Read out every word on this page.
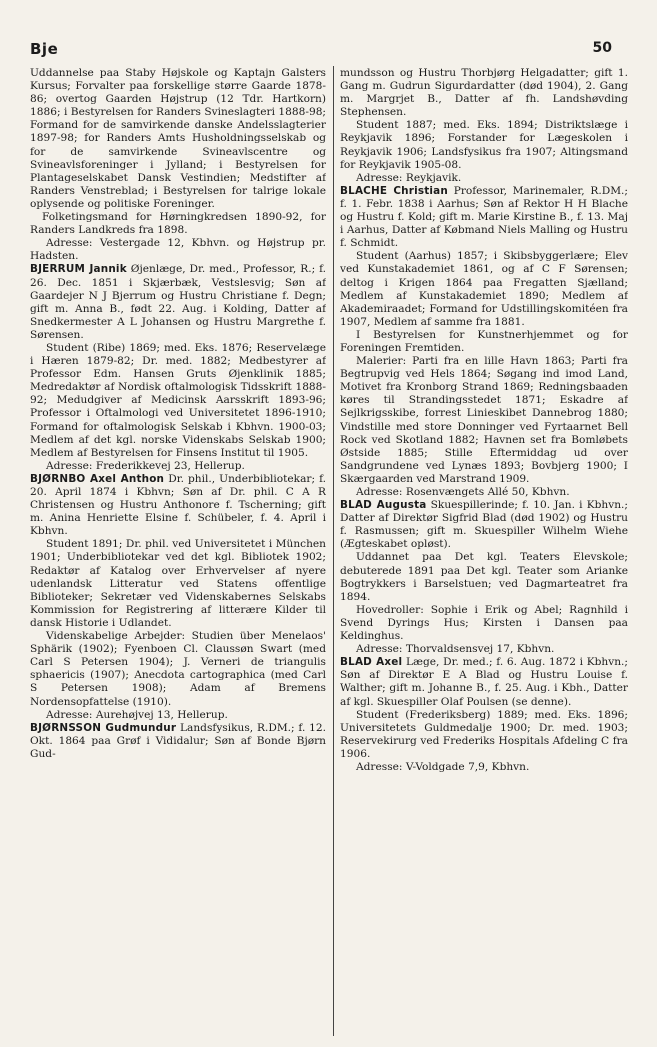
Bje	50

Uddannelse paa Staby Højskole og Kaptajn Galsters Kursus; Forvalter paa forskellige større Gaarde 1878-86; overtog Gaarden Højstrup (12 Tdr. Hartkorn) 1886; i Bestyrelsen for Randers Svineslagteri 1888-98; Formand for de samvirkende danske Andelsslagterier 1897-98; for Randers Amts Husholdningsselskab og for de samvirkende Svineavlscentre og Svineavlsforeninger i Jylland; i Bestyrelsen for Plantageselskabet Dansk Vestindien; Medstifter af Randers Venstreblad; i Bestyrelsen for talrige lokale oplysende og politiske Foreninger.

Folketingsmand for Hørningkredsen 1890-92, for Randers Landkreds fra 1898.

Adresse: Vestergade 12, Kbhvn. og Højstrup pr. Hadsten.

BJERRUM Jannik Øjenlæge, Dr. med., Professor, R.; f. 26. Dec. 1851 i Skjærbæk, Vestslesvig; Søn af Gaardejer N J Bjerrum og Hustru Christiane f. Degn; gift m. Anna B., født 22. Aug. i Kolding, Datter af Snedkermester A L Johansen og Hustru Margrethe f. Sørensen.

Student (Ribe) 1869; med. Eks. 1876; Reservelæge i Hæren 1879-82; Dr. med. 1882; Medbestyrer af Professor Edm. Hansen Gruts Øjenklinik 1885; Medredaktør af Nordisk oftalmologisk Tidsskrift 1888-92; Medudgiver af Medicinsk Aarsskrift 1893-96; Professor i Oftalmologi ved Universitetet 1896-1910; Formand for oftalmologisk Selskab i Kbhvn. 1900-03; Medlem af det kgl. norske Videnskabs Selskab 1900; Medlem af Bestyrelsen for Finsens Institut til 1905.

Adresse: Frederikkevej 23, Hellerup.

BJØRNBO Axel Anthon Dr. phil., Underbibliotekar; f. 20. April 1874 i Kbhvn; Søn af Dr. phil. C A R Christensen og Hustru Anthonore f. Tscherning; gift m. Anina Henriette Elsine f. Schübeler, f. 4. April i Kbhvn.

Student 1891; Dr. phil. ved Universitetet i München 1901; Underbibliotekar ved det kgl. Bibliotek 1902; Redaktør af Katalog over Erhvervelser af nyere udenlandsk Litteratur ved Statens offentlige Biblioteker; Sekretær ved Videnskabernes Selskabs Kommission for Registrering af litterære Kilder til dansk Historie i Udlandet.

Videnskabelige Arbejder: Studien über Menelaos' Sphärik (1902); Fyenboen Cl. Claussøn Swart (med Carl S Petersen 1904); J. Verneri de triangulis sphaericis (1907); Anecdota cartographica (med Carl S Petersen 1908); Adam af Bremens Nordensopfattelse (1910).

Adresse: Aurehøjvej 13, Hellerup.

BJØRNSSON Gudmundur Landsfysikus, R.DM.; f. 12. Okt. 1864 paa Grøf i Vididalur; Søn af Bonde Bjørn Gud-

mundsson og Hustru Thorbjørg Helgadatter; gift 1. Gang m. Gudrun Sigurdardatter (død 1904), 2. Gang m. Margrjet B., Datter af fh. Landshøvding Stephensen.

Student 1887; med. Eks. 1894; Distriktslæge i Reykjavik 1896; Forstander for Lægeskolen i Reykjavik 1906; Landsfysikus fra 1907; Altingsmand for Reykjavik 1905-08.

Adresse: Reykjavik.

BLACHE Christian Professor, Marinemaler, R.DM.; f. 1. Febr. 1838 i Aarhus; Søn af Rektor H H Blache og Hustru f. Kold; gift m. Marie Kirstine B., f. 13. Maj i Aarhus, Datter af Købmand Niels Malling og Hustru f. Schmidt.

Student (Aarhus) 1857; i Skibsbyggerlære; Elev ved Kunstakademiet 1861, og af C F Sørensen; deltog i Krigen 1864 paa Fregatten Sjælland; Medlem af Kunstakademiet 1890; Medlem af Akademiraadet; Formand for Udstillingskomitéen fra 1907, Medlem af samme fra 1881.

I Bestyrelsen for Kunstnerhjemmet og for Foreningen Fremtiden.

Malerier: Parti fra en lille Havn 1863; Parti fra Begtrupvig ved Hels 1864; Søgang ind imod Land, Motivet fra Kronborg Strand 1869; Redningsbaaden køres til Strandingsstedet 1871; Eskadre af Sejlkrigsskibe, forrest Linieskibet Dannebrog 1880; Vindstille med store Donninger ved Fyrtaarnet Bell Rock ved Skotland 1882; Havnen set fra Bomløbets Østside 1885; Stille Eftermiddag ud over Sandgrundene ved Lynæs 1893; Bovbjerg 1900; I Skærgaarden ved Marstrand 1909.

Adresse: Rosenvængets Allé 50, Kbhvn.

BLAD Augusta Skuespillerinde; f. 10. Jan. i Kbhvn.; Datter af Direktør Sigfrid Blad (død 1902) og Hustru f. Rasmussen; gift m. Skuespiller Wilhelm Wiehe (Ægteskabet opløst).

Uddannet paa Det kgl. Teaters Elevskole; debuterede 1891 paa Det kgl. Teater som Arianke Bogtrykkers i Barselstuen; ved Dagmarteatret fra 1894.

Hovedroller: Sophie i Erik og Abel; Ragnhild i Svend Dyrings Hus; Kirsten i Dansen paa Keldinghus.

Adresse: Thorvaldsensvej 17, Kbhvn.

BLAD Axel Læge, Dr. med.; f. 6. Aug. 1872 i Kbhvn.; Søn af Direktør E A Blad og Hustru Louise f. Walther; gift m. Johanne B., f. 25. Aug. i Kbh., Datter af kgl. Skuespiller Olaf Poulsen (se denne).

Student (Frederiksberg) 1889; med. Eks. 1896; Universitetets Guldmedalje 1900; Dr. med. 1903; Reservekirurg ved Frederiks Hospitals Afdeling C fra 1906.

Adresse: V-Voldgade 7,9, Kbhvn.
